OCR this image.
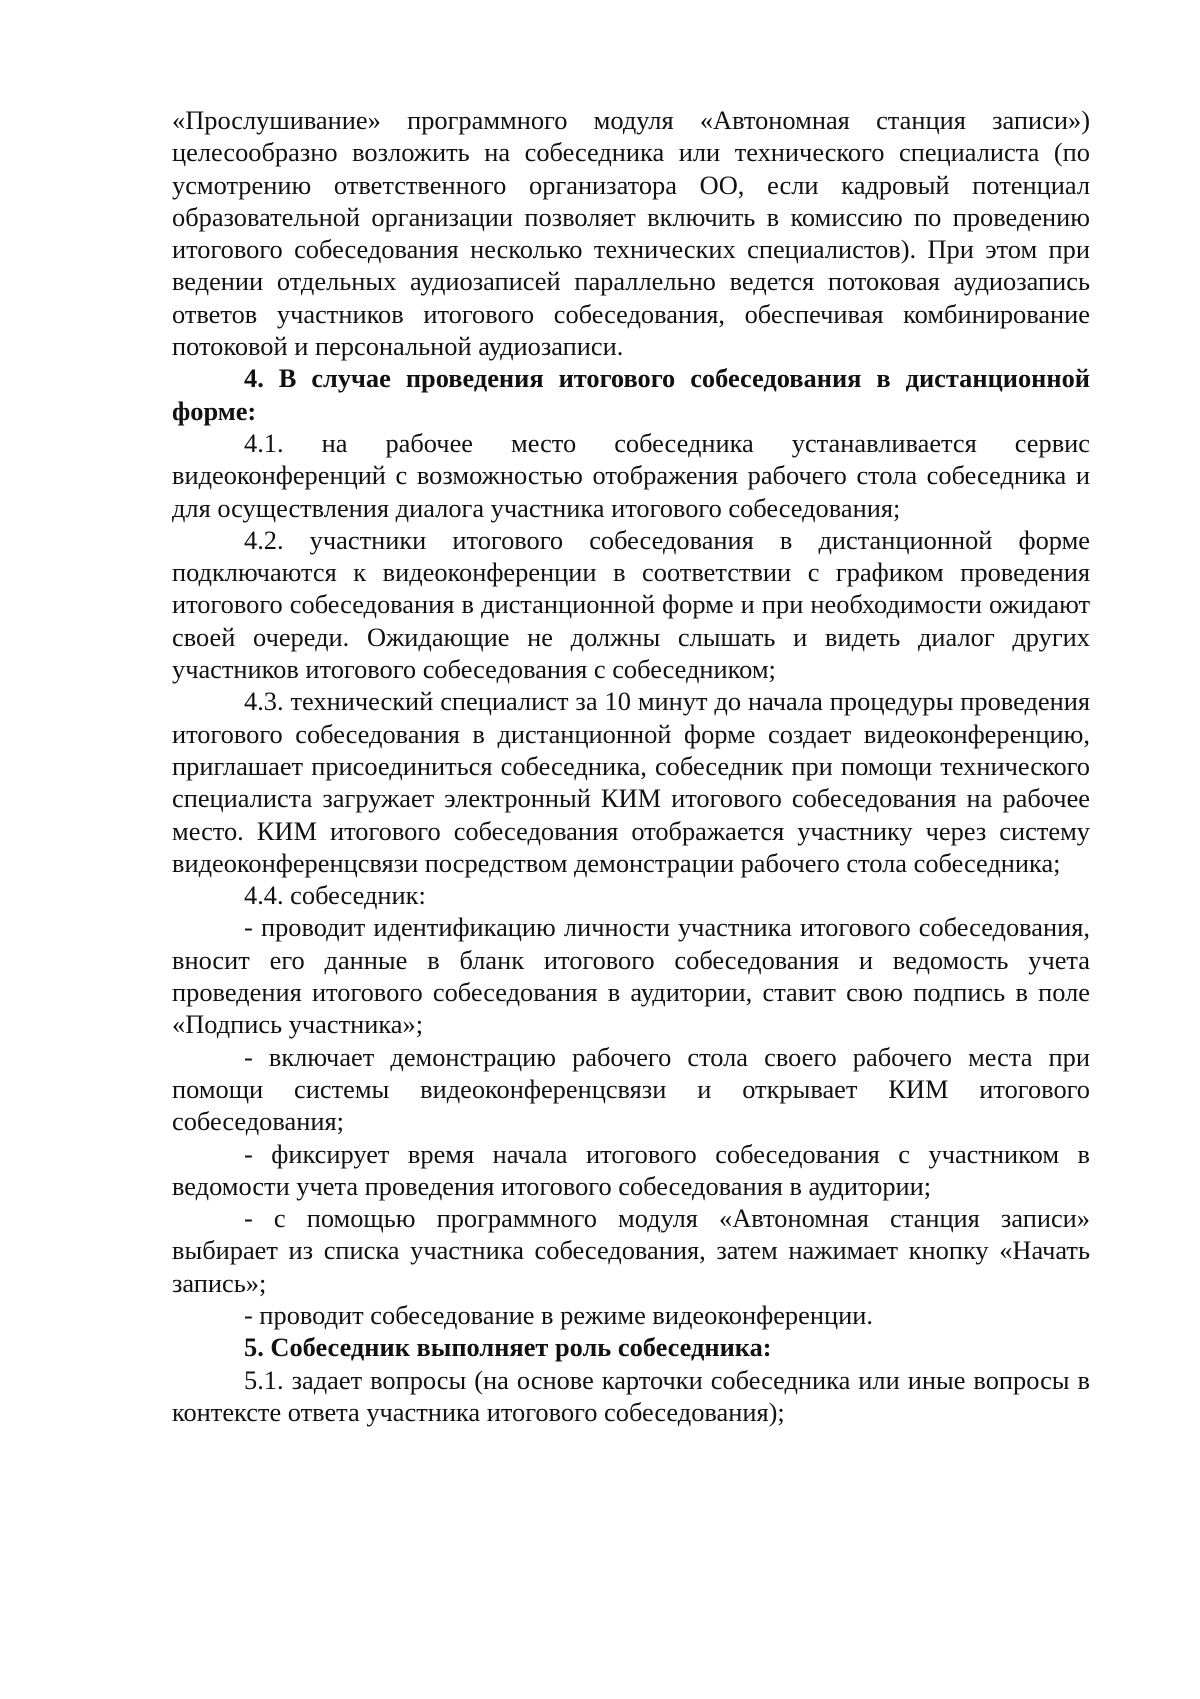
«Прослушивание» программного модуля «Автономная станция записи») целесообразно возложить на собеседника или технического специалиста (по усмотрению ответственного организатора ОО, если кадровый потенциал образовательной организации позволяет включить в комиссию по проведению итогового собеседования несколько технических специалистов). При этом при ведении отдельных аудиозаписей параллельно ведется потоковая аудиозапись ответов участников итогового собеседования, обеспечивая комбинирование потоковой и персональной аудиозаписи.

4. В случае проведения итогового собеседования в дистанционной форме:

4.1. на рабочее место собеседника устанавливается сервис видеоконференций с возможностью отображения рабочего стола собеседника и для осуществления диалога участника итогового собеседования;

4.2. участники итогового собеседования в дистанционной форме подключаются к видеоконференции в соответствии с графиком проведения итогового собеседования в дистанционной форме и при необходимости ожидают своей очереди. Ожидающие не должны слышать и видеть диалог других участников итогового собеседования с собеседником;

4.3. технический специалист за 10 минут до начала процедуры проведения итогового собеседования в дистанционной форме создает видеоконференцию, приглашает присоединиться собеседника, собеседник при помощи технического специалиста загружает электронный КИМ итогового собеседования на рабочее место. КИМ итогового собеседования отображается участнику через систему видеоконференцсвязи посредством демонстрации рабочего стола собеседника;

4.4. собеседник:

- проводит идентификацию личности участника итогового собеседования, вносит его данные в бланк итогового собеседования и ведомость учета проведения итогового собеседования в аудитории, ставит свою подпись в поле «Подпись участника»;

- включает демонстрацию рабочего стола своего рабочего места при помощи системы видеоконференцсвязи и открывает КИМ итогового собеседования;

- фиксирует время начала итогового собеседования с участником в ведомости учета проведения итогового собеседования в аудитории;

- с помощью программного модуля «Автономная станция записи» выбирает из списка участника собеседования, затем нажимает кнопку «Начать запись»;

- проводит собеседование в режиме видеоконференции.

5. Собеседник выполняет роль собеседника:

5.1. задает вопросы (на основе карточки собеседника или иные вопросы в контексте ответа участника итогового собеседования);
